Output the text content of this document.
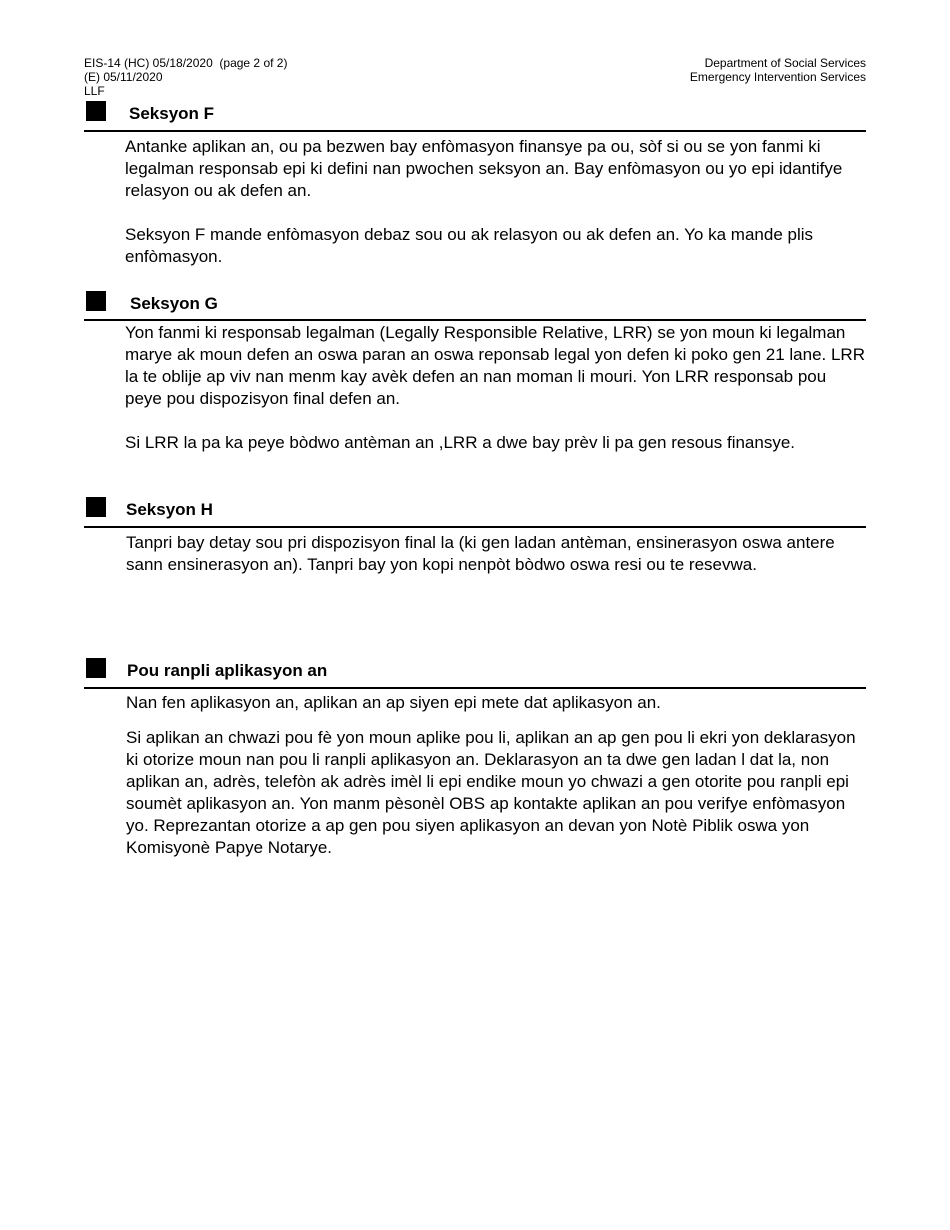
EIS-14 (HC) 05/18/2020  (page 2 of 2)
(E) 05/11/2020
LLF
Department of Social Services
Emergency Intervention Services
Seksyon F

Antanke aplikan an, ou pa bezwen bay enfòmasyon finansye pa ou, sòf si ou se yon fanmi ki legalman responsab epi ki defini nan pwochen seksyon an. Bay enfòmasyon ou yo epi idantifye relasyon ou ak defen an.

Seksyon F mande enfòmasyon debaz sou ou ak relasyon ou ak defen an. Yo ka mande plis enfòmasyon.

Seksyon G

Yon fanmi ki responsab legalman (Legally Responsible Relative, LRR) se yon moun ki legalman marye ak moun defen an oswa paran an oswa reponsab legal yon defen ki poko gen 21 lane. LRR la te oblije ap viv nan menm kay avèk defen an nan moman li mouri. Yon LRR responsab pou peye pou dispozisyon final defen an.

Si LRR la pa ka peye bòdwo antèman an ,LRR a dwe bay prèv li pa gen resous finansye.

Seksyon H

Tanpri bay detay sou pri dispozisyon final la (ki gen ladan antèman, ensinerasyon oswa antere sann ensinerasyon an). Tanpri bay yon kopi nenpòt bòdwo oswa resi ou te resevwa.

Pou ranpli aplikasyon an

Nan fen aplikasyon an, aplikan an ap siyen epi mete dat aplikasyon an.

Si aplikan an chwazi pou fè yon moun aplike pou li, aplikan an ap gen pou li ekri yon deklarasyon ki otorize moun nan pou li ranpli aplikasyon an. Deklarasyon an ta dwe gen ladan l dat la, non aplikan an, adrès, telefòn ak adrès imèl li epi endike moun yo chwazi a gen otorite pou ranpli epi soumèt aplikasyon an. Yon manm pèsonèl OBS ap kontakte aplikan an pou verifye enfòmasyon yo. Reprezantan otorize a ap gen pou siyen aplikasyon an devan yon Notè Piblik oswa yon Komisyonè Papye Notarye.
